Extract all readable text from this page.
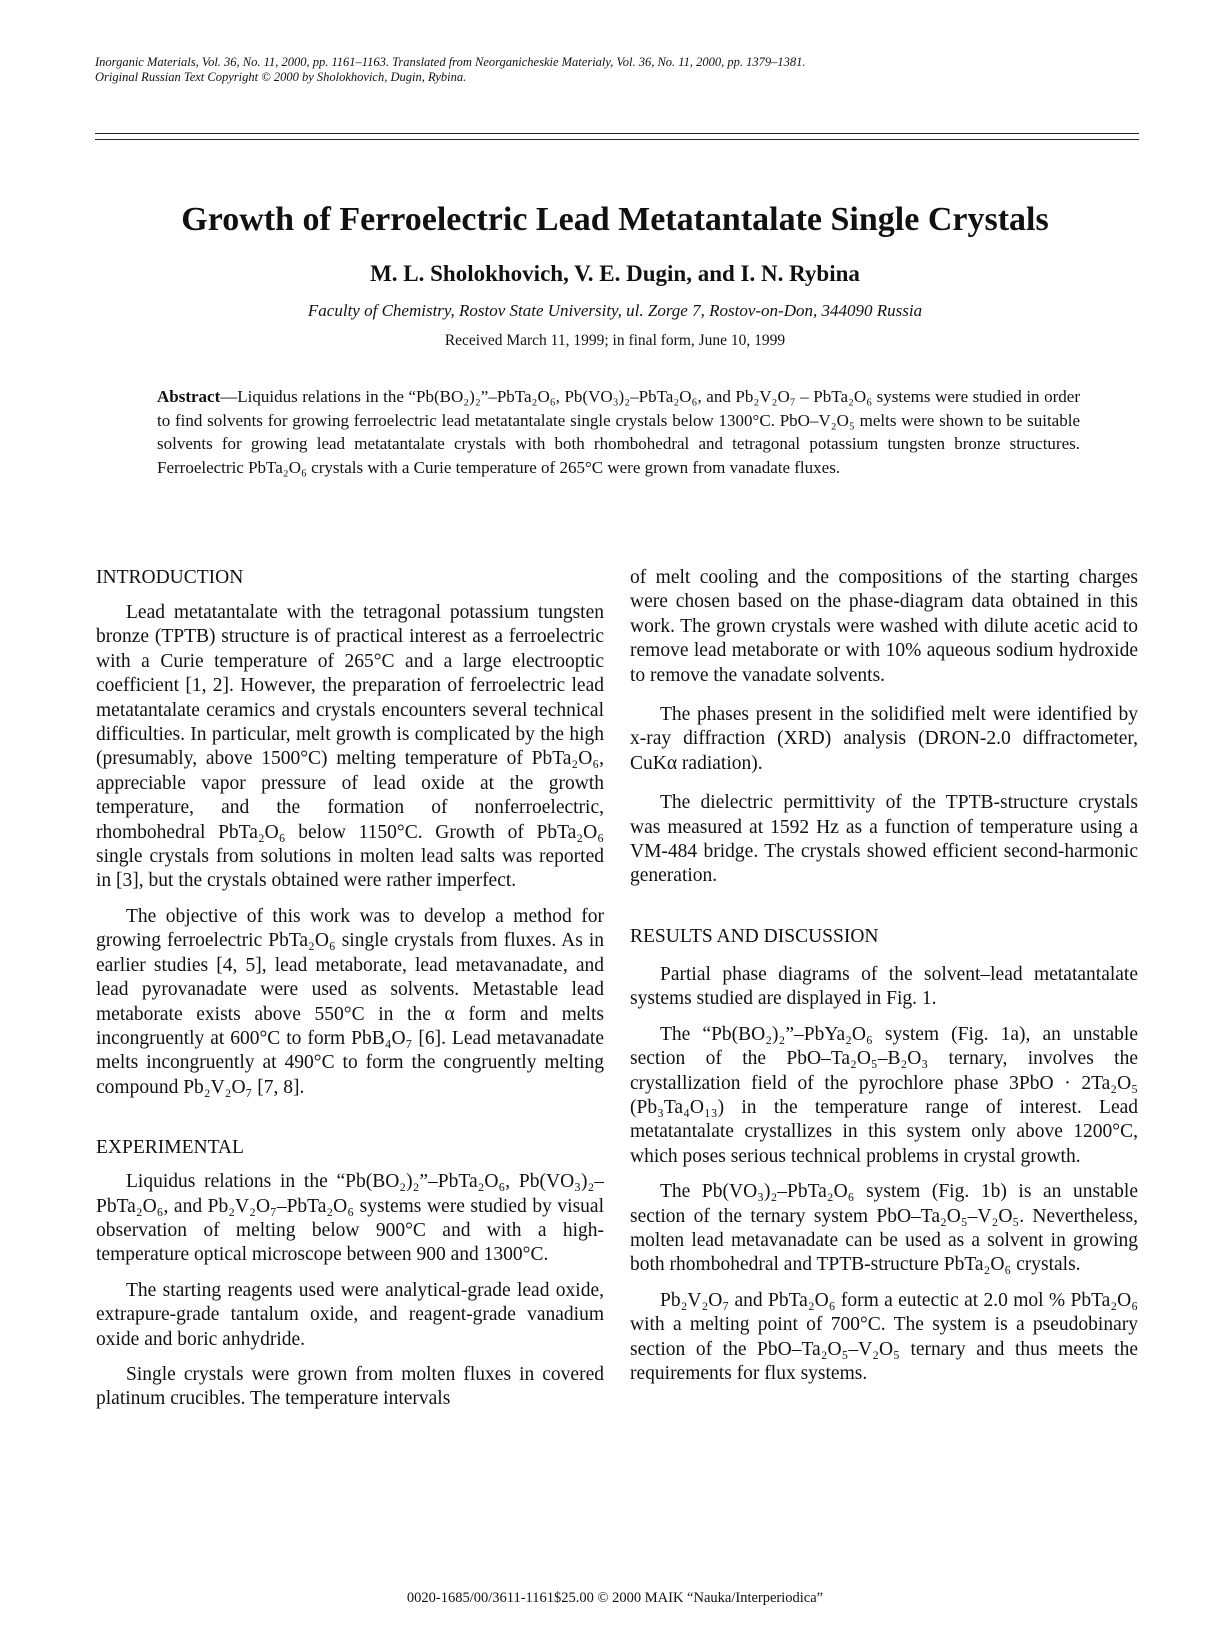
Inorganic Materials, Vol. 36, No. 11, 2000, pp. 1161–1163. Translated from Neorganicheskie Materialy, Vol. 36, No. 11, 2000, pp. 1379–1381.
Original Russian Text Copyright © 2000 by Sholokhovich, Dugin, Rybina.
Growth of Ferroelectric Lead Metatantalate Single Crystals
M. L. Sholokhovich, V. E. Dugin, and I. N. Rybina
Faculty of Chemistry, Rostov State University, ul. Zorge 7, Rostov-on-Don, 344090 Russia
Received March 11, 1999; in final form, June 10, 1999
Abstract—Liquidus relations in the “Pb(BO₂)₂”–PbTa₂O₆, Pb(VO₃)₂–PbTa₂O₆, and Pb₂V₂O₇ – PbTa₂O₆ systems were studied in order to find solvents for growing ferroelectric lead metatantalate single crystals below 1300°C. PbO–V₂O₅ melts were shown to be suitable solvents for growing lead metatantalate crystals with both rhombohedral and tetragonal potassium tungsten bronze structures. Ferroelectric PbTa₂O₆ crystals with a Curie temperature of 265°C were grown from vanadate fluxes.

INTRODUCTION

Lead metatantalate with the tetragonal potassium tungsten bronze (TPTB) structure is of practical interest as a ferroelectric with a Curie temperature of 265°C and a large electrooptic coefficient [1, 2]. However, the preparation of ferroelectric lead metatantalate ceramics and crystals encounters several technical difficulties. In particular, melt growth is complicated by the high (presumably, above 1500°C) melting temperature of PbTa₂O₆, appreciable vapor pressure of lead oxide at the growth temperature, and the formation of nonferroelectric, rhombohedral PbTa₂O₆ below 1150°C. Growth of PbTa₂O₆ single crystals from solutions in molten lead salts was reported in [3], but the crystals obtained were rather imperfect.

The objective of this work was to develop a method for growing ferroelectric PbTa₂O₆ single crystals from fluxes. As in earlier studies [4, 5], lead metaborate, lead metavanadate, and lead pyrovanadate were used as solvents. Metastable lead metaborate exists above 550°C in the α form and melts incongruently at 600°C to form PbB₄O₇ [6]. Lead metavanadate melts incongruently at 490°C to form the congruently melting compound Pb₂V₂O₇ [7, 8].

EXPERIMENTAL

Liquidus relations in the “Pb(BO₂)₂”–PbTa₂O₆, Pb(VO₃)₂–PbTa₂O₆, and Pb₂V₂O₇–PbTa₂O₆ systems were studied by visual observation of melting below 900°C and with a high-temperature optical microscope between 900 and 1300°C.

The starting reagents used were analytical-grade lead oxide, extrapure-grade tantalum oxide, and reagent-grade vanadium oxide and boric anhydride.

Single crystals were grown from molten fluxes in covered platinum crucibles. The temperature intervals

of melt cooling and the compositions of the starting charges were chosen based on the phase-diagram data obtained in this work. The grown crystals were washed with dilute acetic acid to remove lead metaborate or with 10% aqueous sodium hydroxide to remove the vanadate solvents.

The phases present in the solidified melt were identified by x-ray diffraction (XRD) analysis (DRON-2.0 diffractometer, CuKα radiation).

The dielectric permittivity of the TPTB-structure crystals was measured at 1592 Hz as a function of temperature using a VM-484 bridge. The crystals showed efficient second-harmonic generation.

RESULTS AND DISCUSSION

Partial phase diagrams of the solvent–lead metatantalate systems studied are displayed in Fig. 1.

The “Pb(BO₂)₂”–PbYa₂O₆ system (Fig. 1a), an unstable section of the PbO–Ta₂O₅–B₂O₃ ternary, involves the crystallization field of the pyrochlore phase 3PbO · 2Ta₂O₅ (Pb₃Ta₄O₁₃) in the temperature range of interest. Lead metatantalate crystallizes in this system only above 1200°C, which poses serious technical problems in crystal growth.

The Pb(VO₃)₂–PbTa₂O₆ system (Fig. 1b) is an unstable section of the ternary system PbO–Ta₂O₅–V₂O₅. Nevertheless, molten lead metavanadate can be used as a solvent in growing both rhombohedral and TPTB-structure PbTa₂O₆ crystals.

Pb₂V₂O₇ and PbTa₂O₆ form a eutectic at 2.0 mol % PbTa₂O₆ with a melting point of 700°C. The system is a pseudobinary section of the PbO–Ta₂O₅–V₂O₅ ternary and thus meets the requirements for flux systems.

0020-1685/00/3611-1161$25.00 © 2000 MAIK “Nauka/Interperiodica”
